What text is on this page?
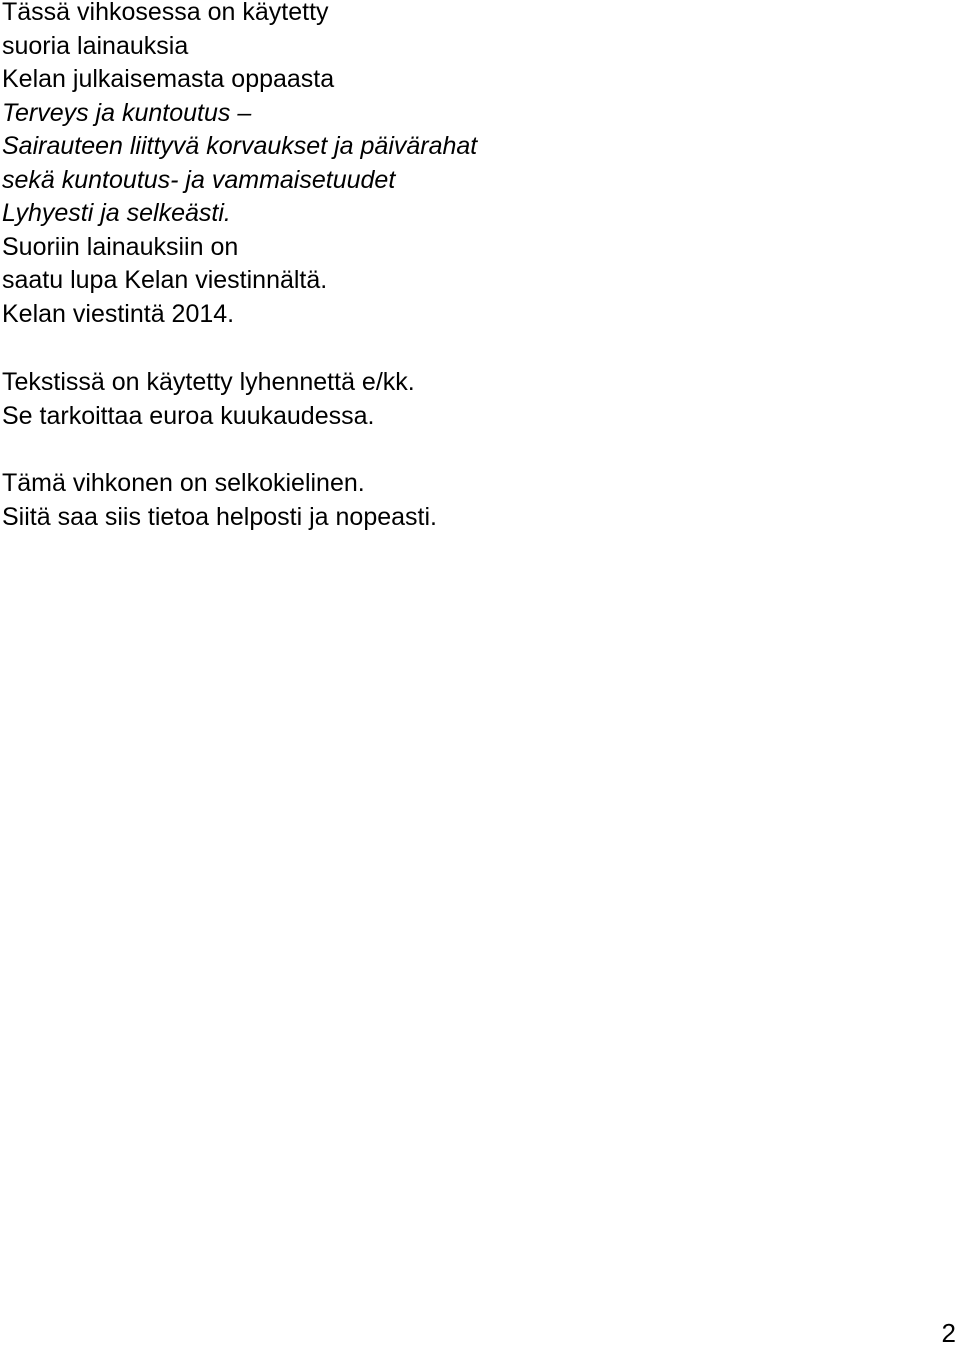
Tässä vihkosessa on käytetty
suoria lainauksia
Kelan julkaisemasta oppaasta
Terveys ja kuntoutus –
Sairauteen liittyvä korvaukset ja päivärahat
sekä kuntoutus- ja vammaisetuudet
Lyhyesti ja selkeästi.
Suoriin lainauksiin on
saatu lupa Kelan viestinnältä.
Kelan viestintä 2014.
Tekstissä on käytetty lyhennettä e/kk.
Se tarkoittaa euroa kuukaudessa.
Tämä vihkonen on selkokielinen.
Siitä saa siis tietoa helposti ja nopeasti.
2
